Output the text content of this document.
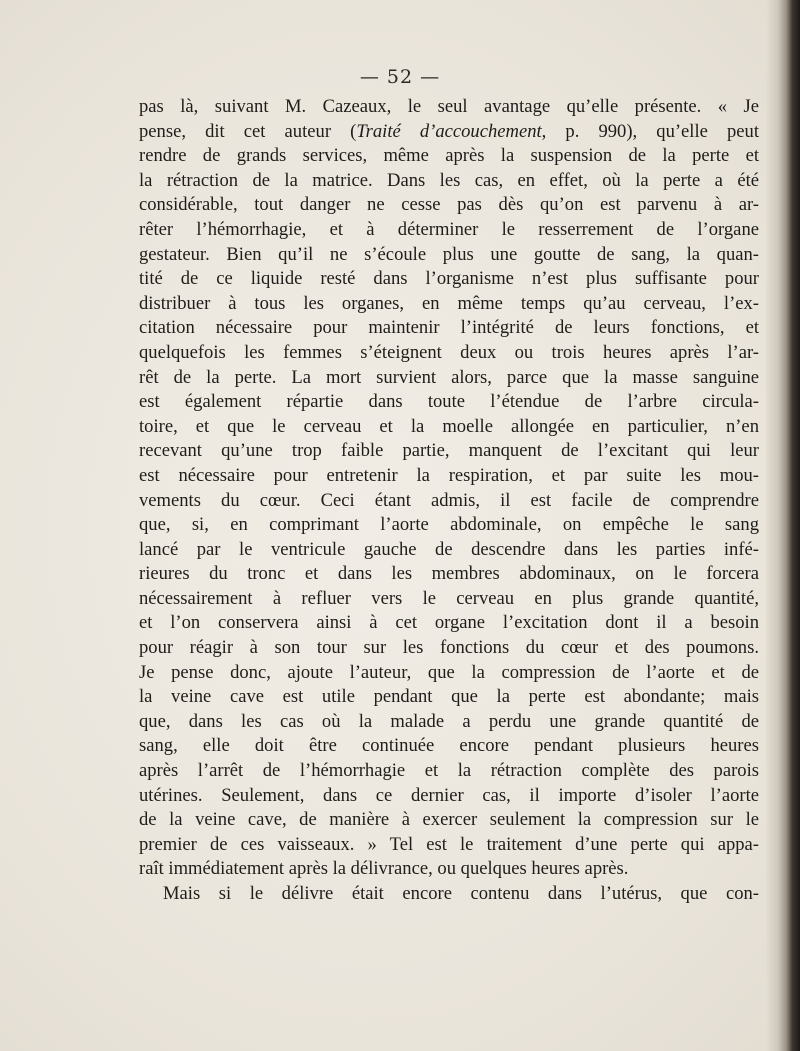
— 52 —
pas là, suivant M. Cazeaux, le seul avantage qu’elle présente. « Je
pense, dit cet auteur (Traité d’accouchement, p. 990), qu’elle peut
rendre de grands services, même après la suspension de la perte et
la rétraction de la matrice. Dans les cas, en effet, où la perte a été
considérable, tout danger ne cesse pas dès qu’on est parvenu à ar-
rêter l’hémorrhagie, et à déterminer le resserrement de l’organe
gestateur. Bien qu’il ne s’écoule plus une goutte de sang, la quan-
tité de ce liquide resté dans l’organisme n’est plus suffisante pour
distribuer à tous les organes, en même temps qu’au cerveau, l’ex-
citation nécessaire pour maintenir l’intégrité de leurs fonctions, et
quelquefois les femmes s’éteignent deux ou trois heures après l’ar-
rêt de la perte. La mort survient alors, parce que la masse sanguine
est également répartie dans toute l’étendue de l’arbre circula-
toire, et que le cerveau et la moelle allongée en particulier, n’en
recevant qu’une trop faible partie, manquent de l’excitant qui leur
est nécessaire pour entretenir la respiration, et par suite les mou-
vements du cœur. Ceci étant admis, il est facile de comprendre
que, si, en comprimant l’aorte abdominale, on empêche le sang
lancé par le ventricule gauche de descendre dans les parties infé-
rieures du tronc et dans les membres abdominaux, on le forcera
nécessairement à refluer vers le cerveau en plus grande quantité,
et l’on conservera ainsi à cet organe l’excitation dont il a besoin
pour réagir à son tour sur les fonctions du cœur et des poumons.
Je pense donc, ajoute l’auteur, que la compression de l’aorte et de
la veine cave est utile pendant que la perte est abondante; mais
que, dans les cas où la malade a perdu une grande quantité de
sang, elle doit être continuée encore pendant plusieurs heures
après l’arrêt de l’hémorrhagie et la rétraction complète des parois
utérines. Seulement, dans ce dernier cas, il importe d’isoler l’aorte
de la veine cave, de manière à exercer seulement la compression sur le
premier de ces vaisseaux. » Tel est le traitement d’une perte qui appa-
raît immédiatement après la délivrance, ou quelques heures après.
Mais si le délivre était encore contenu dans l’utérus, que con-
